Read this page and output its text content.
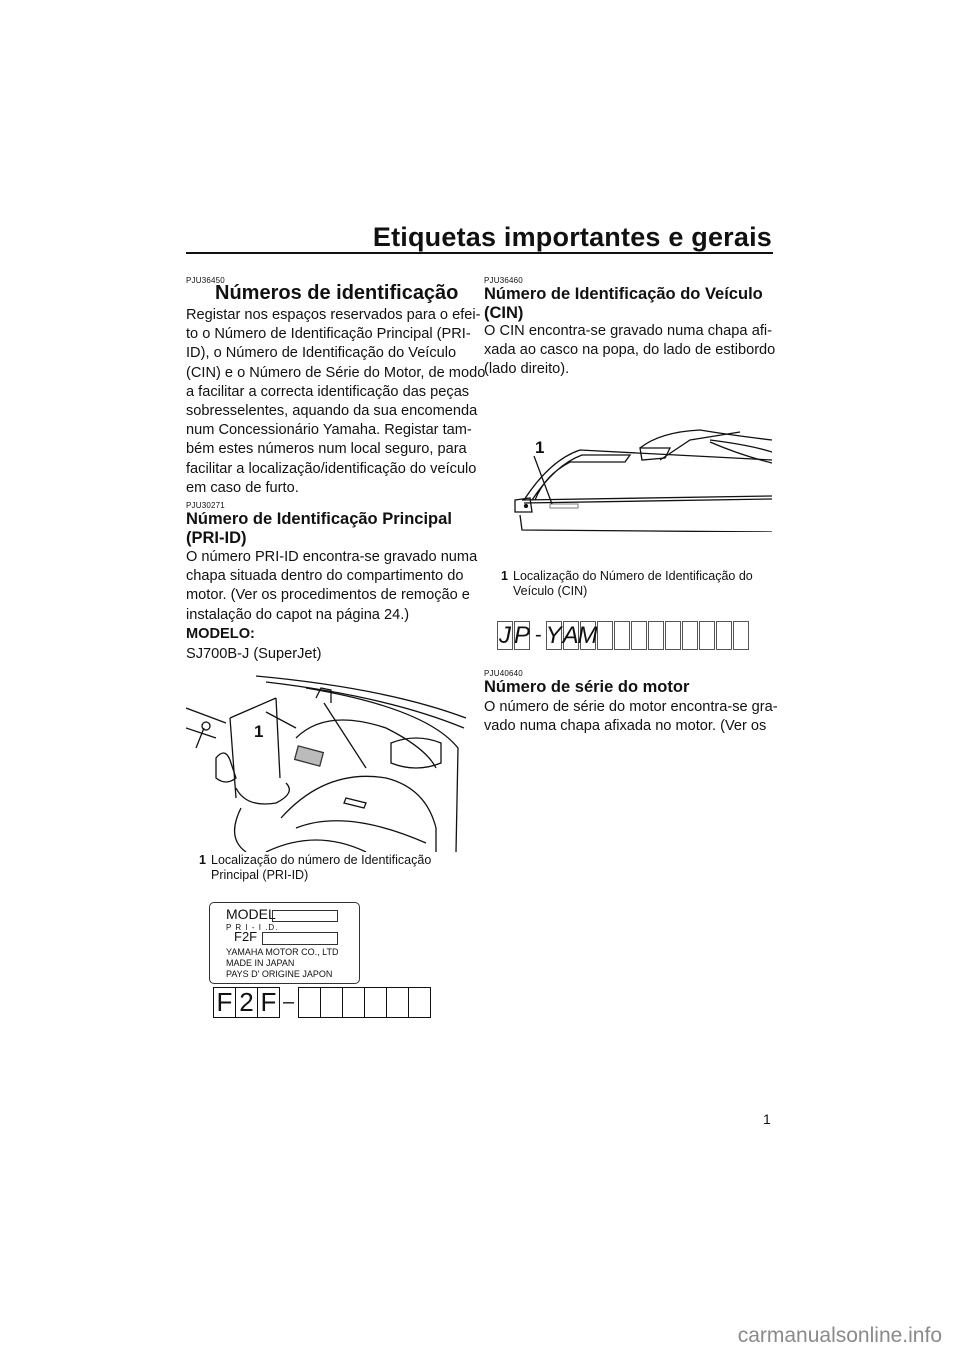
Etiquetas importantes e gerais
PJU36450
Números de identificação
Registar nos espaços reservados para o efei-
to o Número de Identificação Principal (PRI-
ID), o Número de Identificação do Veículo
(CIN) e o Número de Série do Motor, de modo
a facilitar a correcta identificação das peças
sobresselentes, aquando da sua encomenda
num Concessionário Yamaha. Registar tam-
bém estes números num local seguro, para
facilitar a localização/identificação do veículo
em caso de furto.
PJU30271
Número de Identificação Principal
(PRI-ID)
O número PRI-ID encontra-se gravado numa
chapa situada dentro do compartimento do
motor. (Ver os procedimentos de remoção e
instalação do capot na página 24.)
MODELO:
SJ700B-J (SuperJet)
1
1 Localização do número de Identificação
Principal (PRI-ID)
MODEL
P R I - I .D.
F2F
YAMAHA MOTOR CO., LTD
MADE IN JAPAN
PAYS D' ORIGINE JAPON
F 2 F –
PJU36460
Número de Identificação do Veículo
(CIN)
O CIN encontra-se gravado numa chapa afi-
xada ao casco na popa, do lado de estibordo
(lado direito).
1
1 Localização do Número de Identificação do
Veículo (CIN)
J P - Y A
M
PJU40640
Número de série do motor
O número de série do motor encontra-se gra-
vado numa chapa afixada no motor. (Ver os
1
carmanualsonline.info
